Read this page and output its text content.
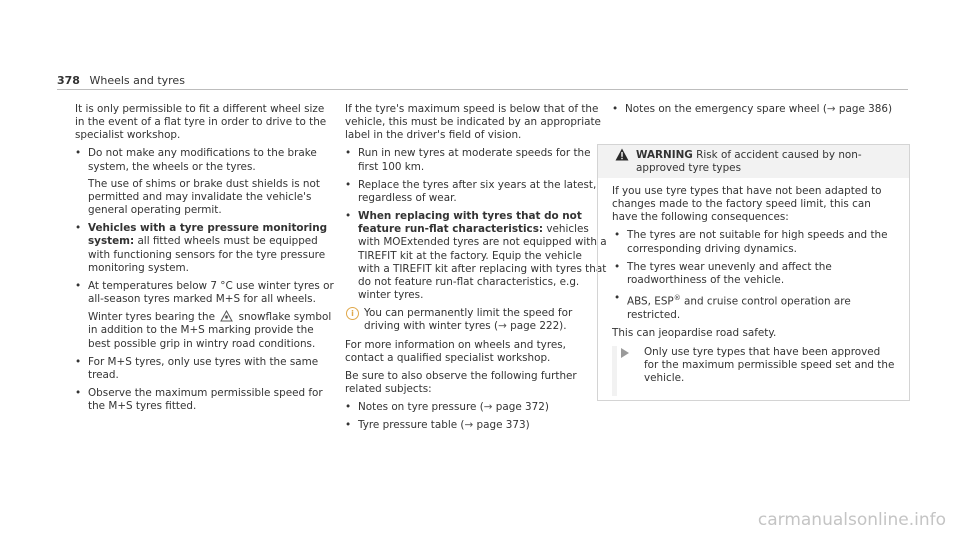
378 Wheels and tyres

It is only permissible to fit a different wheel size in the event of a flat tyre in order to drive to the specialist workshop.

• Do not make any modifications to the brake system, the wheels or the tyres.
The use of shims or brake dust shields is not permitted and may invalidate the vehicle's general operating permit.
• Vehicles with a tyre pressure monitoring system: all fitted wheels must be equipped with functioning sensors for the tyre pressure monitoring system.
• At temperatures below 7 °C use winter tyres or all-season tyres marked M+S for all wheels.
Winter tyres bearing the  snowflake symbol in addition to the M+S marking provide the best possible grip in wintry road conditions.
• For M+S tyres, only use tyres with the same tread.
• Observe the maximum permissible speed for the M+S tyres fitted.

If the tyre's maximum speed is below that of the vehicle, this must be indicated by an appropriate label in the driver's field of vision.

• Run in new tyres at moderate speeds for the first 100 km.
• Replace the tyres after six years at the latest, regardless of wear.
• When replacing with tyres that do not feature run-flat characteristics: vehicles with MOExtended tyres are not equipped with a TIREFIT kit at the factory. Equip the vehicle with a TIREFIT kit after replacing with tyres that do not feature run-flat characteristics, e.g. winter tyres.
i You can permanently limit the speed for driving with winter tyres (→ page 222).

For more information on wheels and tyres, contact a qualified specialist workshop.

Be sure to also observe the following further related subjects:

• Notes on tyre pressure (→ page 372)
• Tyre pressure table (→ page 373)
• Notes on the emergency spare wheel (→ page 386)
WARNING Risk of accident caused by non-approved tyre types

If you use tyre types that have not been adapted to changes made to the factory speed limit, this can have the following consequences:

• The tyres are not suitable for high speeds and the corresponding driving dynamics.
• The tyres wear unevenly and affect the roadworthiness of the vehicle.
• ABS, ESP® and cruise control operation are restricted.

This can jeopardise road safety.

Only use tyre types that have been approved for the maximum permissible speed set and the vehicle.
carmanualsonline.info
